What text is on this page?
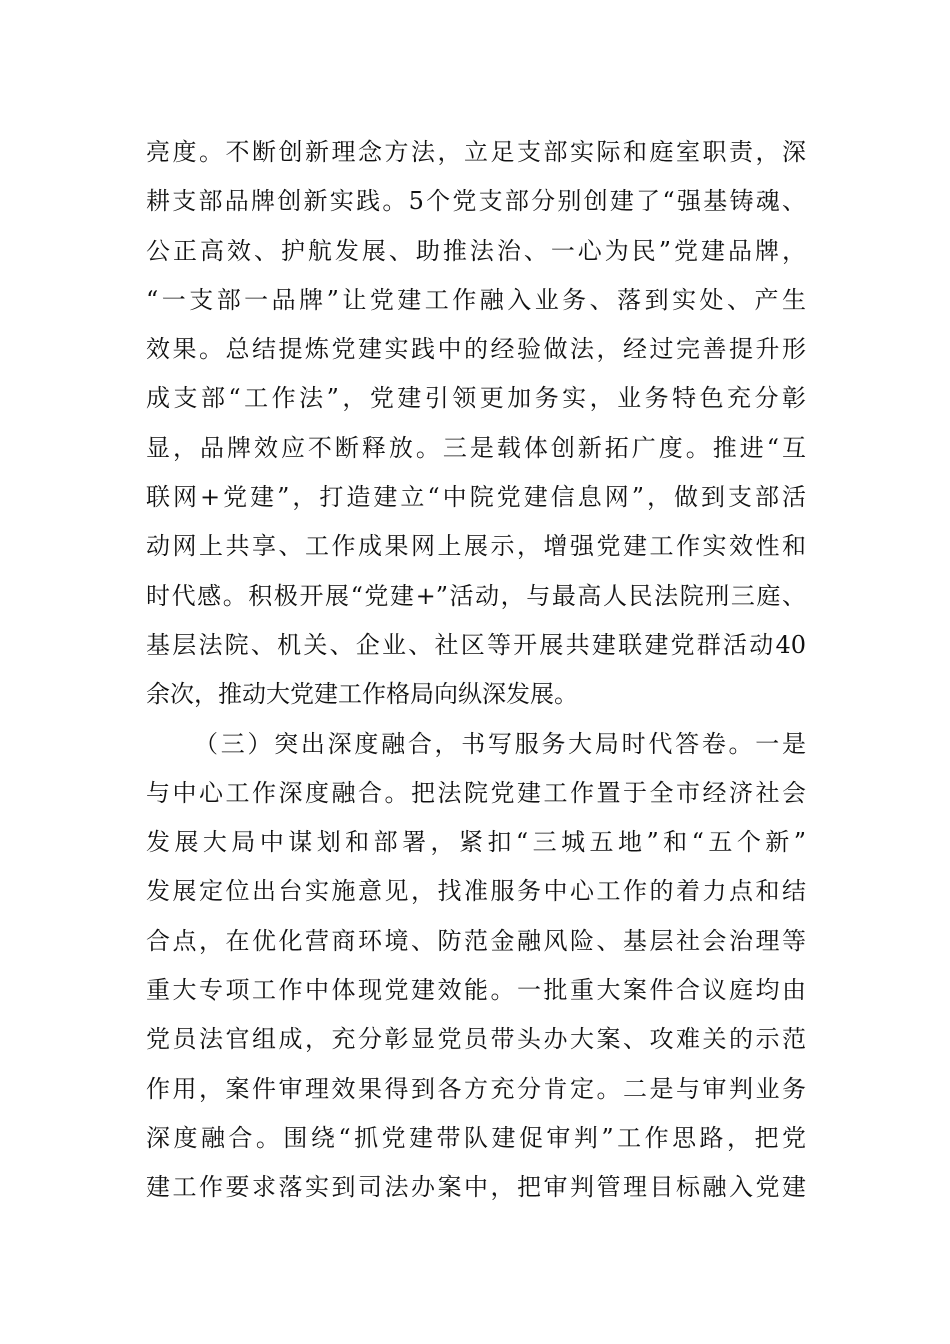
亮度。不断创新理念方法，立足支部实际和庭室职责，深
耕支部品牌创新实践。5个党支部分别创建了“强基铸魂、
公正高效、护航发展、助推法治、一心为民”党建品牌，
“一支部一品牌”让党建工作融入业务、落到实处、产生
效果。总结提炼党建实践中的经验做法，经过完善提升形
成支部“工作法”，党建引领更加务实，业务特色充分彰
显，品牌效应不断释放。三是载体创新拓广度。推进“互
联网+党建”，打造建立“中院党建信息网”，做到支部活
动网上共享、工作成果网上展示，增强党建工作实效性和
时代感。积极开展“党建+”活动，与最高人民法院刑三庭、
基层法院、机关、企业、社区等开展共建联建党群活动40
余次，推动大党建工作格局向纵深发展。
（三）突出深度融合，书写服务大局时代答卷。一是
与中心工作深度融合。把法院党建工作置于全市经济社会
发展大局中谋划和部署，紧扣“三城五地”和“五个新”
发展定位出台实施意见，找准服务中心工作的着力点和结
合点，在优化营商环境、防范金融风险、基层社会治理等
重大专项工作中体现党建效能。一批重大案件合议庭均由
党员法官组成，充分彰显党员带头办大案、攻难关的示范
作用，案件审理效果得到各方充分肯定。二是与审判业务
深度融合。围绕“抓党建带队建促审判”工作思路，把党
建工作要求落实到司法办案中，把审判管理目标融入党建
